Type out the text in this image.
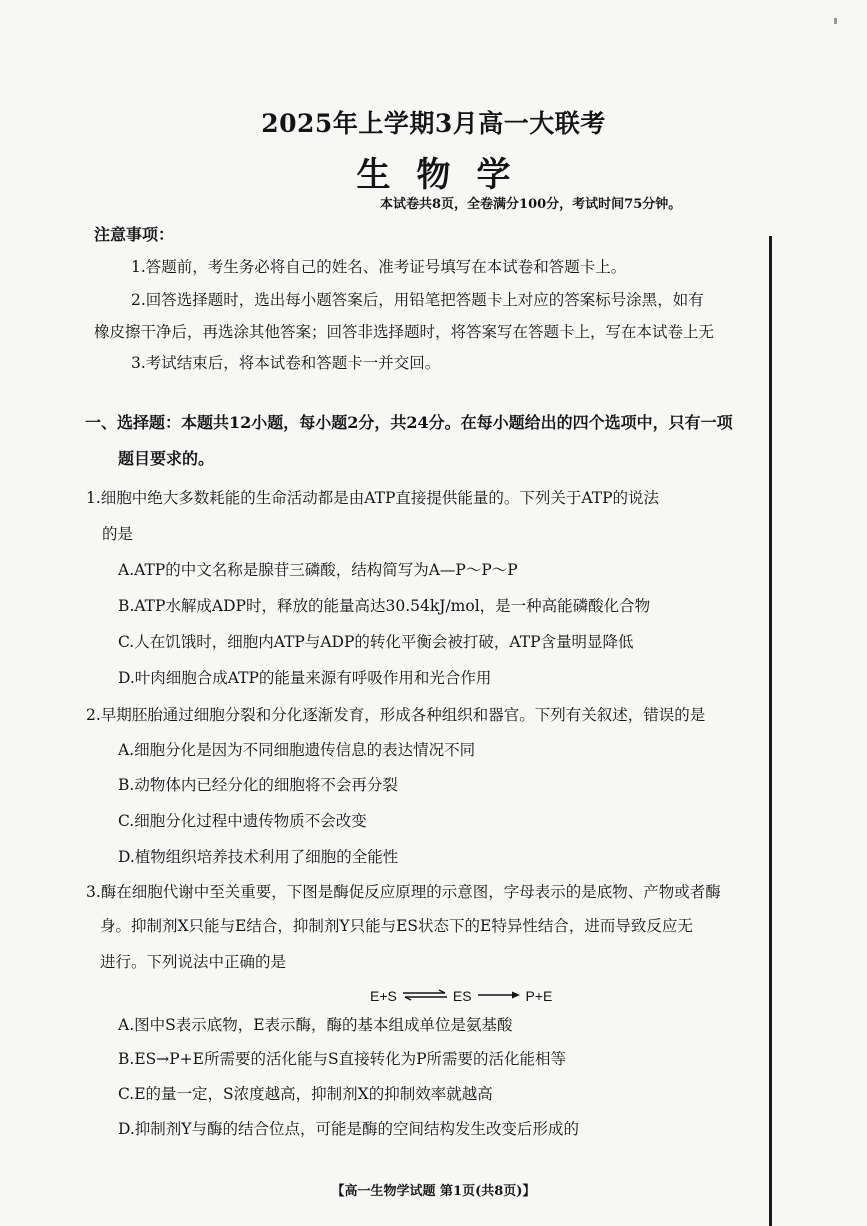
2025年上学期3月高一大联考
生物学
本试卷共8页，全卷满分100分，考试时间75分钟。
注意事项：
1.答题前，考生务必将自己的姓名、准考证号填写在本试卷和答题卡上。
2.回答选择题时，选出每小题答案后，用铅笔把答题卡上对应的答案标号涂黑，如有
橡皮擦干净后，再选涂其他答案；回答非选择题时，将答案写在答题卡上，写在本试卷上无
3.考试结束后，将本试卷和答题卡一并交回。
一、选择题：本题共12小题，每小题2分，共24分。在每小题给出的四个选项中，只有一项
题目要求的。
1.细胞中绝大多数耗能的生命活动都是由ATP直接提供能量的。下列关于ATP的说法
的是
A.ATP的中文名称是腺苷三磷酸，结构简写为A—P～P～P
B.ATP水解成ADP时，释放的能量高达30.54kJ/mol，是一种高能磷酸化合物
C.人在饥饿时，细胞内ATP与ADP的转化平衡会被打破，ATP含量明显降低
D.叶肉细胞合成ATP的能量来源有呼吸作用和光合作用
2.早期胚胎通过细胞分裂和分化逐渐发育，形成各种组织和器官。下列有关叙述，错误的是
A.细胞分化是因为不同细胞遗传信息的表达情况不同
B.动物体内已经分化的细胞将不会再分裂
C.细胞分化过程中遗传物质不会改变
D.植物组织培养技术利用了细胞的全能性
3.酶在细胞代谢中至关重要，下图是酶促反应原理的示意图，字母表示的是底物、产物或者酶
身。抑制剂X只能与E结合，抑制剂Y只能与ES状态下的E特异性结合，进而导致反应无
进行。下列说法中正确的是
E+S ⇌ ES	P+E
A.图中S表示底物，E表示酶，酶的基本组成单位是氨基酸
B.ES→P+E所需要的活化能与S直接转化为P所需要的活化能相等
C.E的量一定，S浓度越高，抑制剂X的抑制效率就越高
D.抑制剂Y与酶的结合位点，可能是酶的空间结构发生改变后形成的
【高一生物学试题 第1页(共8页)】
